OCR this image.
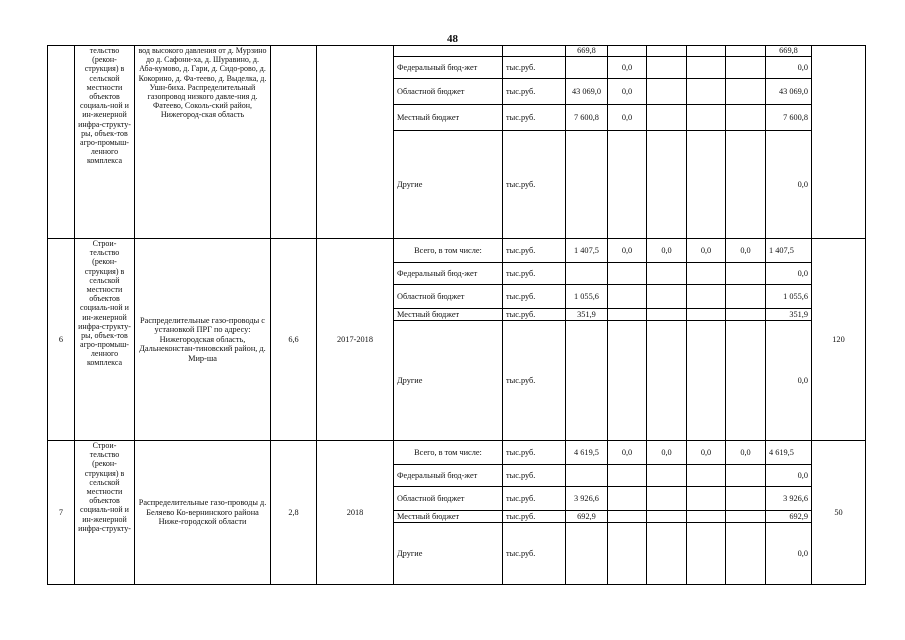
48
	тельство (рекон-струкция) в сельской местности объектов социаль-ной и ин-женерной инфра-структу-ры, объек-тов агро-промыш-ленного комплекса	вод высокого давления от д. Мурзино до д. Сафони-ха, д. Шуравино, д. Аба-кумово, д. Гари, д. Сидо-рово, д. Кокорино, д. Фа-теево, д. Выделка, д. Ушн-биха. Распределительный газопровод низкого давле-ния д. Фатеево, Соколь-ский район, Нижегород-ская область					669,8					669,8	
					Федеральный бюд-жет	тыс.руб.		0,0				0,0	
					Областной бюджет	тыс.руб.	43 069,0	0,0				43 069,0	
					Местный бюджет	тыс.руб.	7 600,8	0,0				7 600,8	
					Другие	тыс.руб.						0,0	
6	Строи-тельство (рекон-струкция) в сельской местности объектов социаль-ной и ин-женерной инфра-структу-ры, объек-тов агро-промыш-ленного комплекса	Распределительные газо-проводы с установкой ПРГ по адресу: Нижегородская область, Дальнеконстан-тиновский район, д. Мир-ша	6,6	2017-2018	Всего, в том числе:	тыс.руб.	1 407,5	0,0	0,0	0,0	0,0	1 407,5	120
					Федеральный бюд-жет	тыс.руб.						0,0	
					Областной бюджет	тыс.руб.	1 055,6					1 055,6	
					Местный бюджет	тыс.руб.	351,9					351,9	
					Другие	тыс.руб.						0,0	
7	Строи-тельство (рекон-струкция) в сельской местности объектов социаль-ной и ин-женерной инфра-структу-	Распределительные газо-проводы д. Беляево Ко-вернинского района Ниже-городской области	2,8	2018	Всего, в том числе:	тыс.руб.	4 619,5	0,0	0,0	0,0	0,0	4 619,5	50
					Федеральный бюд-жет	тыс.руб.						0,0	
					Областной бюджет	тыс.руб.	3 926,6					3 926,6	
					Местный бюджет	тыс.руб.	692,9					692,9	
					Другие	тыс.руб.						0,0	
